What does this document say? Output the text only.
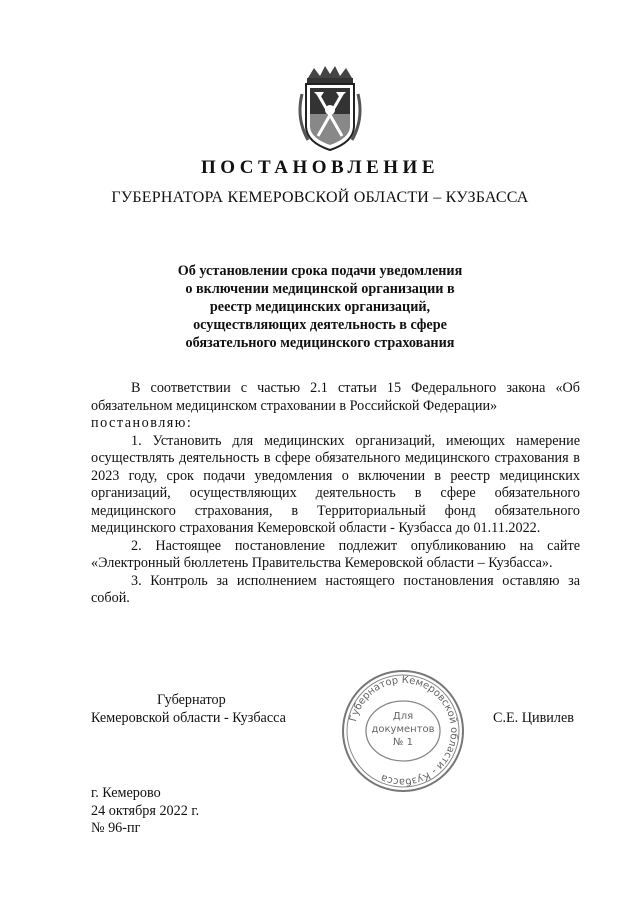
ПОСТАНОВЛЕНИЕ
ГУБЕРНАТОРА КЕМЕРОВСКОЙ ОБЛАСТИ – КУЗБАССА
Об установлении срока подачи уведомления
о включении медицинской организации в
реестр медицинских организаций,
осуществляющих деятельность в сфере
обязательного медицинского страхования

В соответствии с частью 2.1 статьи 15 Федерального закона «Об обязательном медицинском страховании в Российской Федерации»
постановляю:

1. Установить для медицинских организаций, имеющих намерение осуществлять деятельность в сфере обязательного медицинского страхования в 2023 году, срок подачи уведомления о включении в реестр медицинских организаций, осуществляющих деятельность в сфере обязательного медицинского страхования, в Территориальный фонд обязательного медицинского страхования Кемеровской области - Кузбасса до 01.11.2022.

2. Настоящее постановление подлежит опубликованию на сайте «Электронный бюллетень Правительства Кемеровской области – Кузбасса».

3. Контроль за исполнением настоящего постановления оставляю за собой.

Губернатор
Кемеровской области - Кузбасса	Губернатор Кемеровской области - Кузбасса
Для
документов
№ 1
С.Е. Цивилев
г. Кемерово
24 октября 2022 г.
№ 96-пг
